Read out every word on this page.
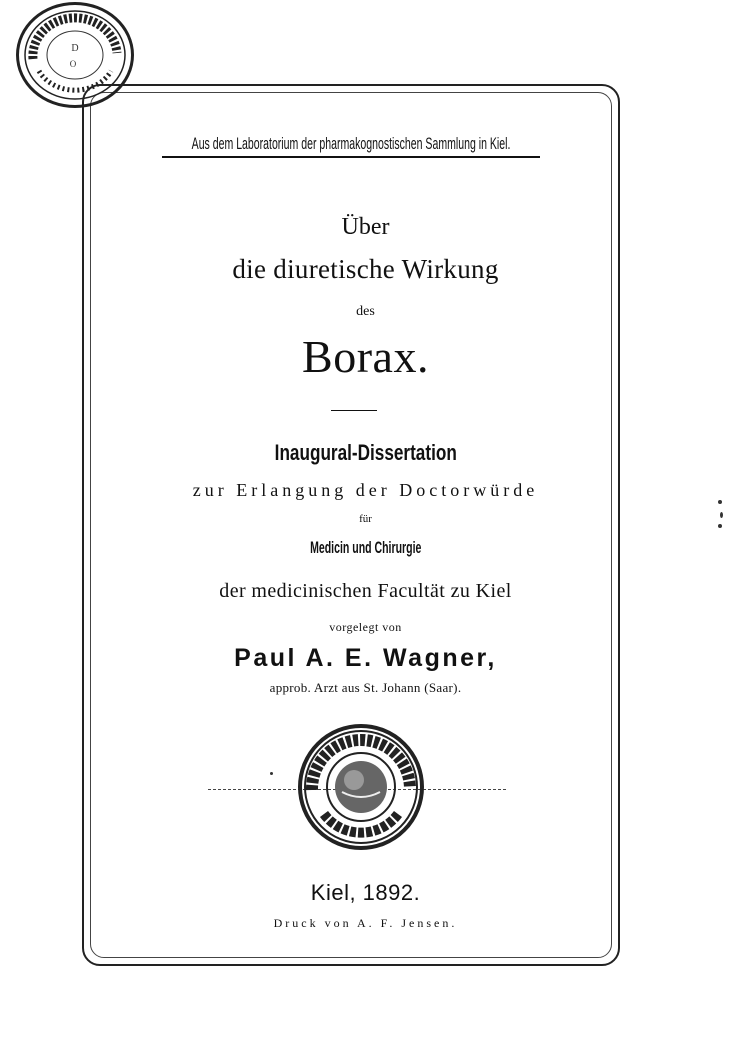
D
O
Aus dem Laboratorium der pharmakognostischen Sammlung in Kiel.
Über
die diuretische Wirkung
des
Borax.
Inaugural-Dissertation
zur Erlangung der Doctorwürde
für
Medicin und Chirurgie
der medicinischen Facultät zu Kiel
vorgelegt von
Paul A. E. Wagner,
approb. Arzt aus St. Johann (Saar).
Kiel, 1892.
Druck von A. F. Jensen.
